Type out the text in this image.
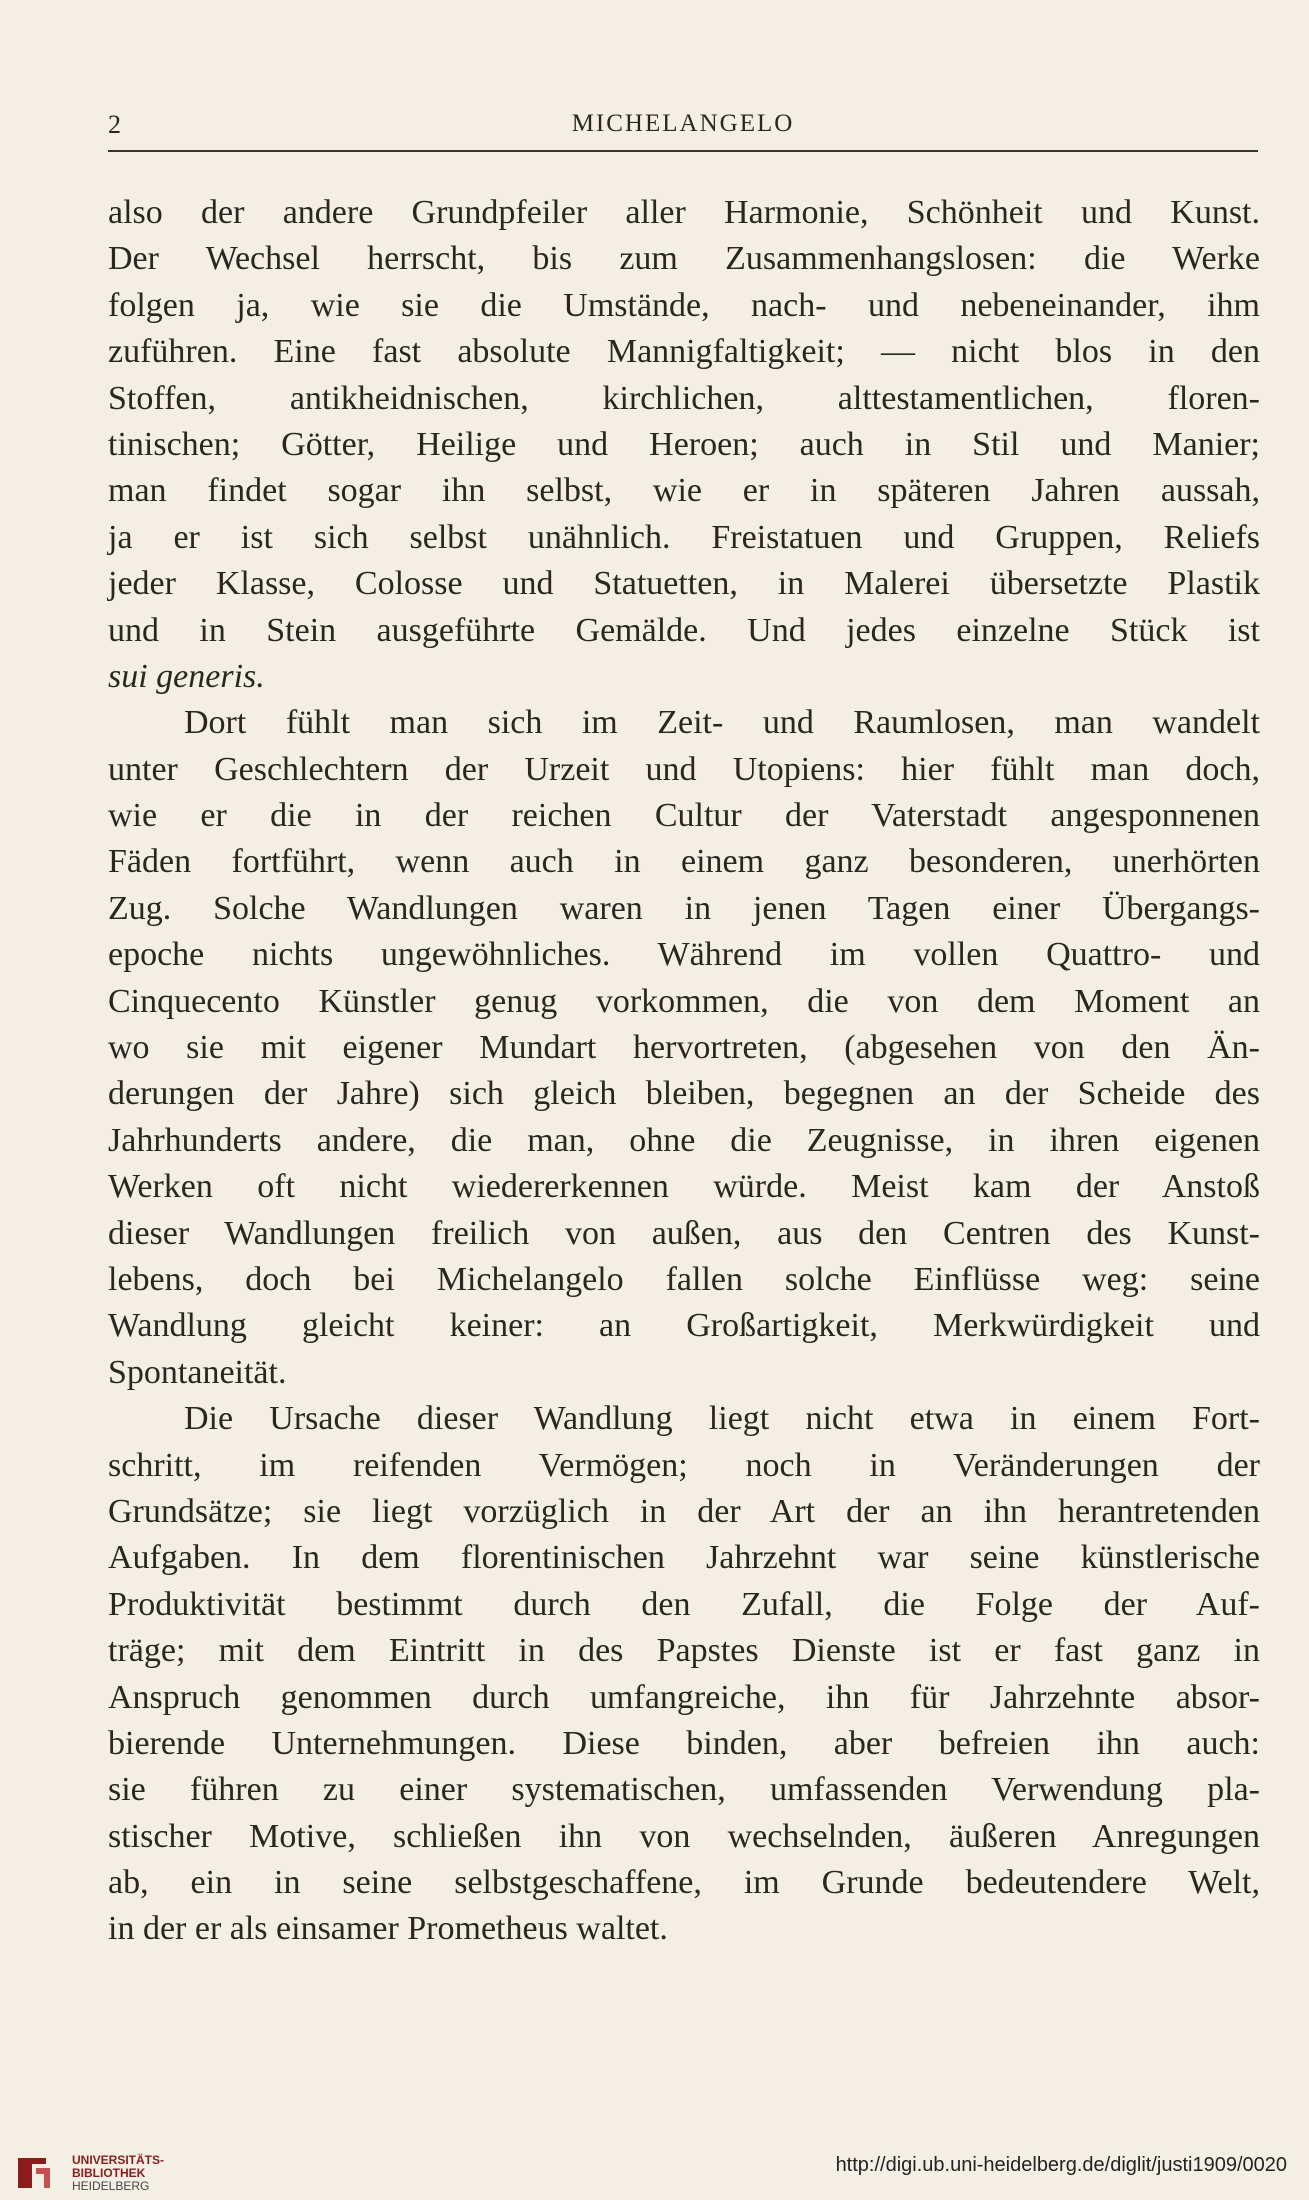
2	MICHELANGELO
also der andere Grundpfeiler aller Harmonie, Schönheit und Kunst.
Der Wechsel herrscht, bis zum Zusammenhangslosen: die Werke
folgen ja, wie sie die Umstände, nach- und nebeneinander, ihm
zuführen. Eine fast absolute Mannigfaltigkeit; — nicht blos in den
Stoffen, antikheidnischen, kirchlichen, alttestamentlichen, floren-
tinischen; Götter, Heilige und Heroen; auch in Stil und Manier;
man findet sogar ihn selbst, wie er in späteren Jahren aussah,
ja er ist sich selbst unähnlich. Freistatuen und Gruppen, Reliefs
jeder Klasse, Colosse und Statuetten, in Malerei übersetzte Plastik
und in Stein ausgeführte Gemälde. Und jedes einzelne Stück ist
sui generis.
Dort fühlt man sich im Zeit- und Raumlosen, man wandelt
unter Geschlechtern der Urzeit und Utopiens: hier fühlt man doch,
wie er die in der reichen Cultur der Vaterstadt angesponnenen
Fäden fortführt, wenn auch in einem ganz besonderen, unerhörten
Zug. Solche Wandlungen waren in jenen Tagen einer Übergangs-
epoche nichts ungewöhnliches. Während im vollen Quattro- und
Cinquecento Künstler genug vorkommen, die von dem Moment an
wo sie mit eigener Mundart hervortreten, (abgesehen von den Än-
derungen der Jahre) sich gleich bleiben, begegnen an der Scheide des
Jahrhunderts andere, die man, ohne die Zeugnisse, in ihren eigenen
Werken oft nicht wiedererkennen würde. Meist kam der Anstoß
dieser Wandlungen freilich von außen, aus den Centren des Kunst-
lebens, doch bei Michelangelo fallen solche Einflüsse weg: seine
Wandlung gleicht keiner: an Großartigkeit, Merkwürdigkeit und
Spontaneität.
Die Ursache dieser Wandlung liegt nicht etwa in einem Fort-
schritt, im reifenden Vermögen; noch in Veränderungen der
Grundsätze; sie liegt vorzüglich in der Art der an ihn herantretenden
Aufgaben. In dem florentinischen Jahrzehnt war seine künstlerische
Produktivität bestimmt durch den Zufall, die Folge der Auf-
träge; mit dem Eintritt in des Papstes Dienste ist er fast ganz in
Anspruch genommen durch umfangreiche, ihn für Jahrzehnte absor-
bierende Unternehmungen. Diese binden, aber befreien ihn auch:
sie führen zu einer systematischen, umfassenden Verwendung pla-
stischer Motive, schließen ihn von wechselnden, äußeren Anregungen
ab, ein in seine selbstgeschaffene, im Grunde bedeutendere Welt,
in der er als einsamer Prometheus waltet.
UNIVERSITÄTS-
BIBLIOTHEK
HEIDELBERG
http://digi.ub.uni-heidelberg.de/diglit/justi1909/0020
